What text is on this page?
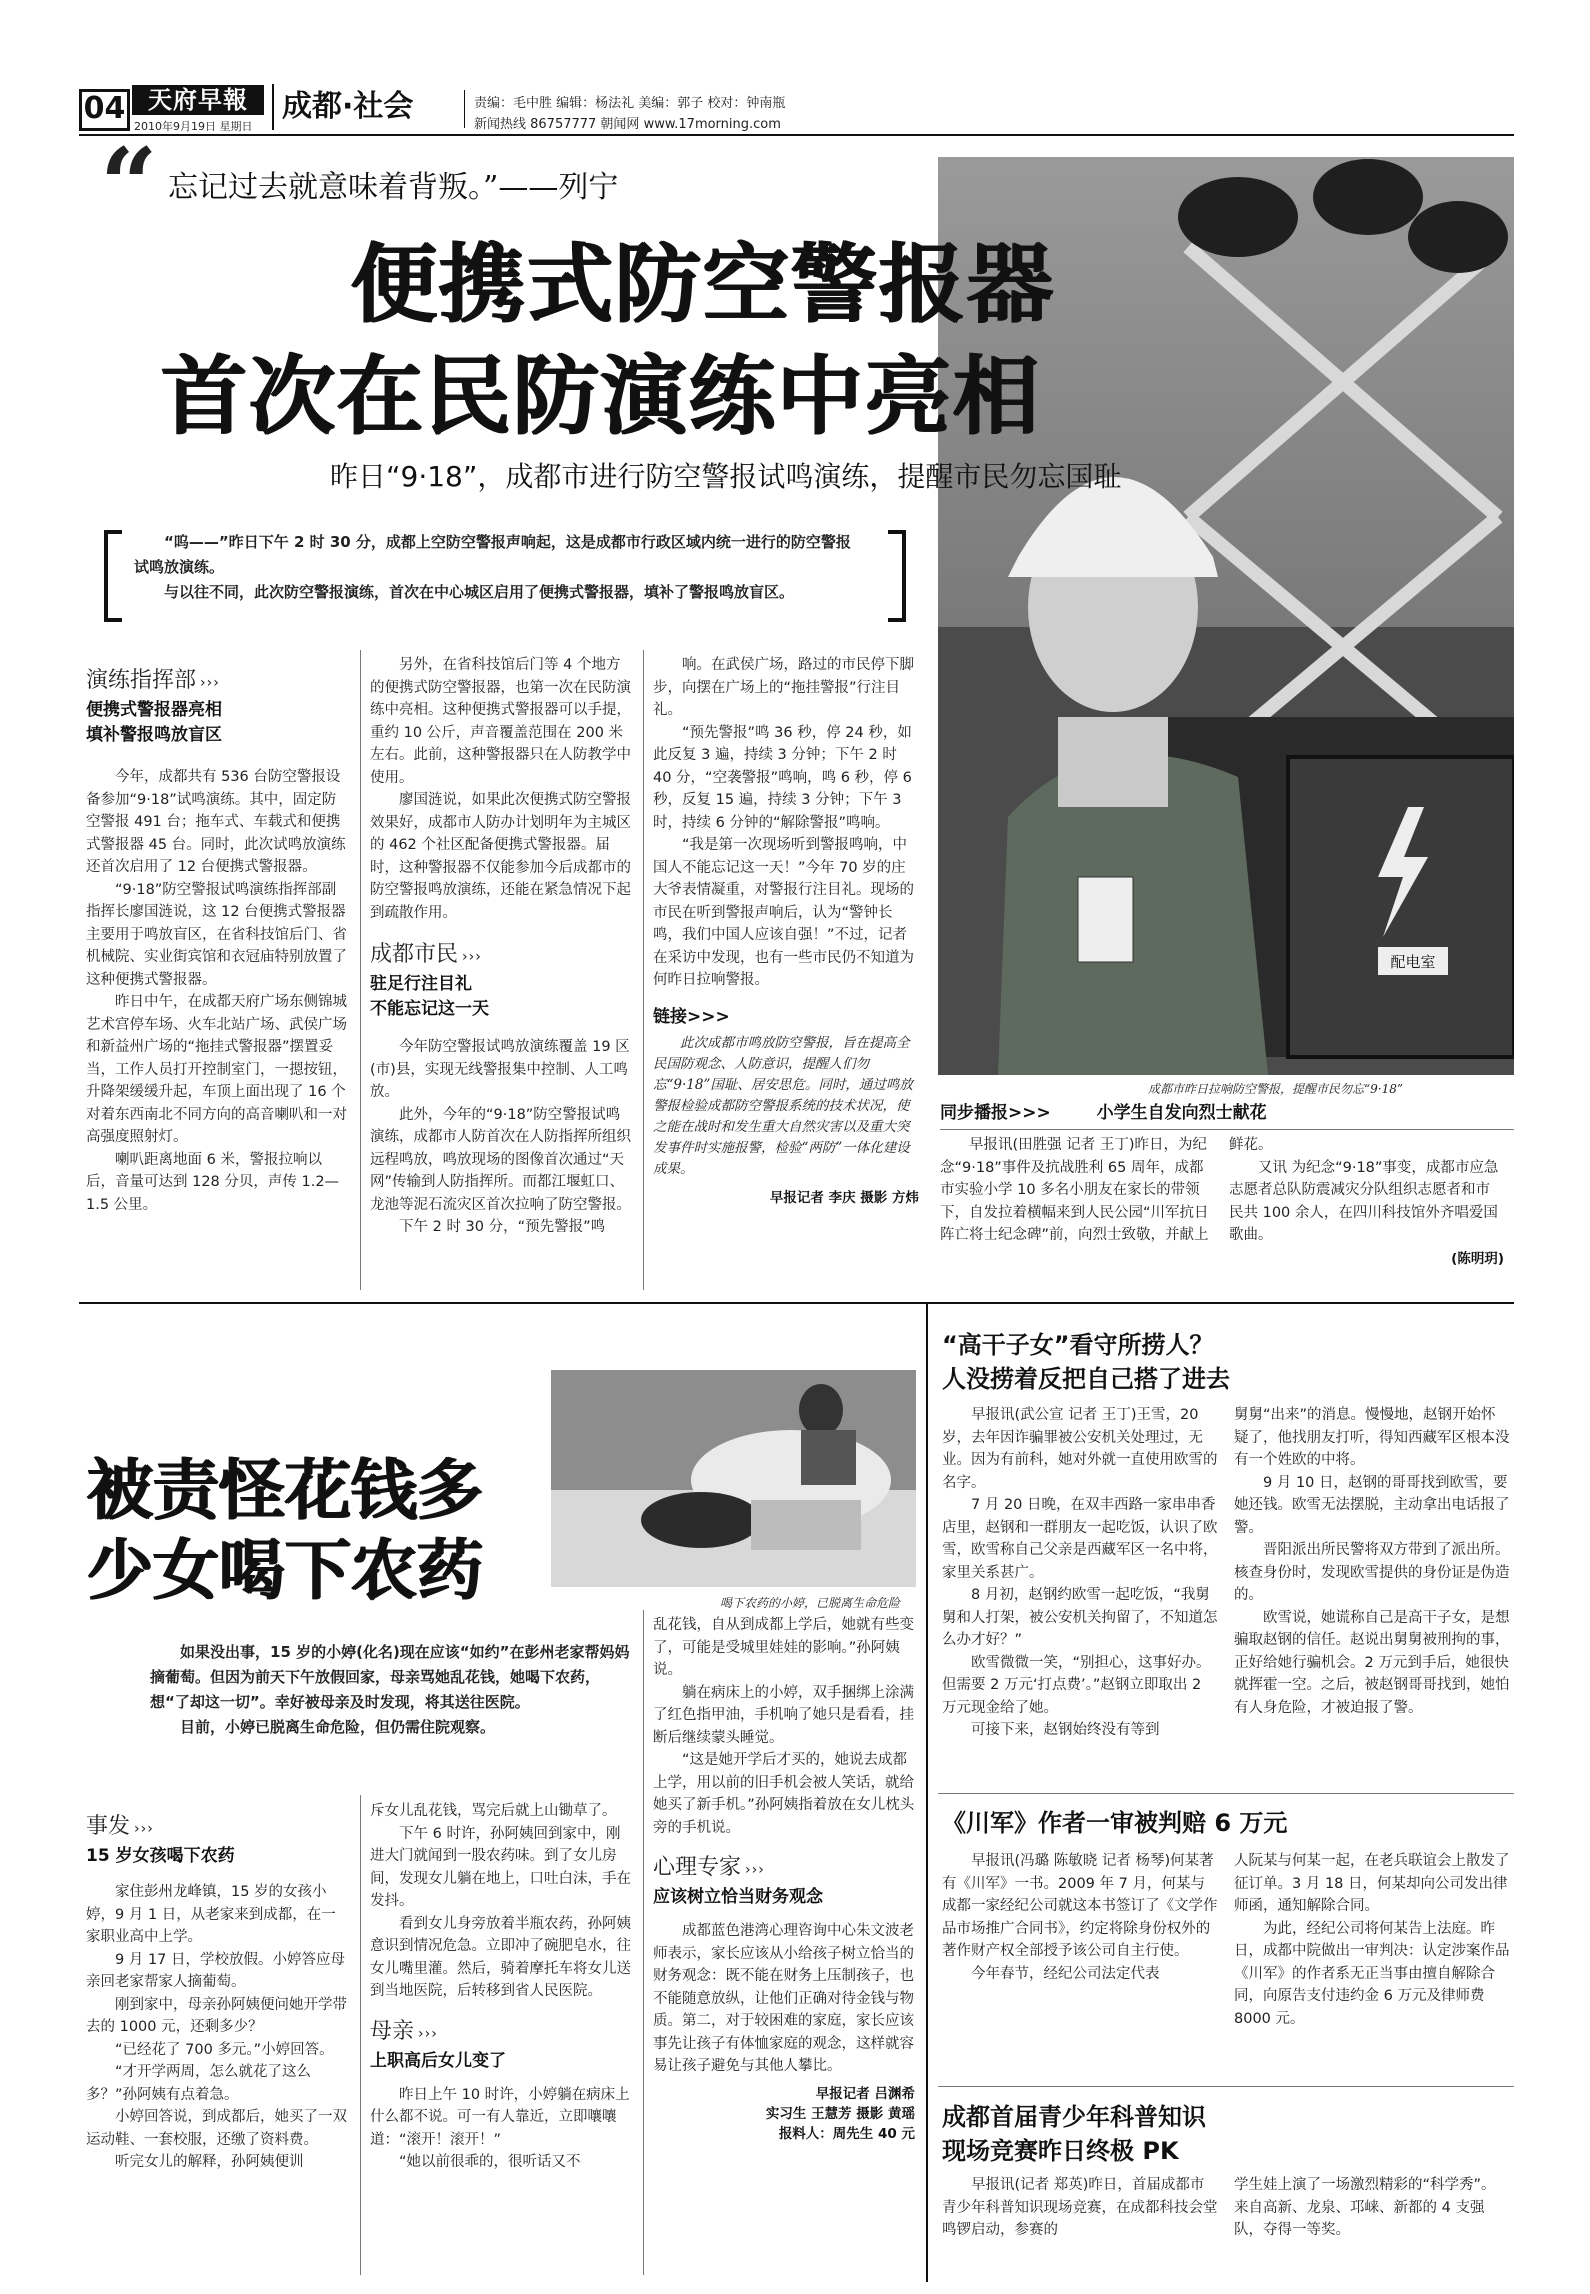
04 天府早報
2010年9月19日 星期日
成都·社会	责编：毛中胜 编辑：杨法礼 美编：郭子 校对：钟南瓶
新闻热线 86757777 朝闻网 www.17morning.com
“ 忘记过去就意味着背叛。”——列宁
配电室
成都市昨日拉响防空警报，提醒市民勿忘“9·18”
便携式防空警报器
首次在民防演练中亮相
昨日“9·18”，成都市进行防空警报试鸣演练，提醒市民勿忘国耻

“呜——”昨日下午 2 时 30 分，成都上空防空警报声响起，这是成都市行政区域内统一进行的防空警报试鸣放演练。

与以往不同，此次防空警报演练，首次在中心城区启用了便携式警报器，填补了警报鸣放盲区。

演练指挥部 ›››
便携式警报器亮相
填补警报鸣放盲区

今年，成都共有 536 台防空警报设备参加“9·18”试鸣演练。其中，固定防空警报 491 台；拖车式、车载式和便携式警报器 45 台。同时，此次试鸣放演练还首次启用了 12 台便携式警报器。

“9·18”防空警报试鸣演练指挥部副指挥长廖国涟说，这 12 台便携式警报器主要用于鸣放盲区，在省科技馆后门、省机械院、实业街宾馆和衣冠庙特别放置了这种便携式警报器。

昨日中午，在成都天府广场东侧锦城艺术宫停车场、火车北站广场、武侯广场和新益州广场的“拖挂式警报器”摆置妥当，工作人员打开控制室门，一摁按钮，升降架缓缓升起，车顶上面出现了 16 个对着东西南北不同方向的高音喇叭和一对高强度照射灯。

喇叭距离地面 6 米，警报拉响以后，音量可达到 128 分贝，声传 1.2—1.5 公里。

另外，在省科技馆后门等 4 个地方的便携式防空警报器，也第一次在民防演练中亮相。这种便携式警报器可以手提，重约 10 公斤，声音覆盖范围在 200 米左右。此前，这种警报器只在人防教学中使用。

廖国涟说，如果此次便携式防空警报效果好，成都市人防办计划明年为主城区的 462 个社区配备便携式警报器。届时，这种警报器不仅能参加今后成都市的防空警报鸣放演练，还能在紧急情况下起到疏散作用。

成都市民 ›››
驻足行注目礼
不能忘记这一天

今年防空警报试鸣放演练覆盖 19 区(市)县，实现无线警报集中控制、人工鸣放。

此外，今年的“9·18”防空警报试鸣演练，成都市人防首次在人防指挥所组织远程鸣放，鸣放现场的图像首次通过“天网”传输到人防指挥所。而都江堰虹口、龙池等泥石流灾区首次拉响了防空警报。

下午 2 时 30 分，“预先警报”鸣

响。在武侯广场，路过的市民停下脚步，向摆在广场上的“拖挂警报”行注目礼。

“预先警报”鸣 36 秒，停 24 秒，如此反复 3 遍，持续 3 分钟；下午 2 时 40 分，“空袭警报”鸣响，鸣 6 秒，停 6 秒，反复 15 遍，持续 3 分钟；下午 3 时，持续 6 分钟的“解除警报”鸣响。

“我是第一次现场听到警报鸣响，中国人不能忘记这一天！”今年 70 岁的庄大爷表情凝重，对警报行注目礼。现场的市民在听到警报声响后，认为“警钟长鸣，我们中国人应该自强！”不过，记者在采访中发现，也有一些市民仍不知道为何昨日拉响警报。

链接>>>

此次成都市鸣放防空警报，旨在提高全民国防观念、人防意识，提醒人们勿忘“9·18”国耻、居安思危。同时，通过鸣放警报检验成都防空警报系统的技术状况，使之能在战时和发生重大自然灾害以及重大突发事件时实施报警，检验“两防”一体化建设成果。

早报记者 李庆 摄影 方炜
同步播报>>>	小学生自发向烈士献花

早报讯(田胜强 记者 王丁)昨日，为纪念“9·18”事件及抗战胜利 65 周年，成都市实验小学 10 多名小朋友在家长的带领下，自发拉着横幅来到人民公园“川军抗日阵亡将士纪念碑”前，向烈士致敬，并献上

鲜花。

又讯 为纪念“9·18”事变，成都市应急志愿者总队防震减灾分队组织志愿者和市民共 100 余人，在四川科技馆外齐唱爱国歌曲。

(陈明玥)
喝下农药的小婷，已脱离生命危险
被责怪花钱多
少女喝下农药

如果没出事，15 岁的小婷(化名)现在应该“如约”在彭州老家帮妈妈摘葡萄。但因为前天下午放假回家，母亲骂她乱花钱，她喝下农药，想“了却这一切”。幸好被母亲及时发现，将其送往医院。

目前，小婷已脱离生命危险，但仍需住院观察。

事发 ›››
15 岁女孩喝下农药

家住彭州龙峰镇，15 岁的女孩小婷，9 月 1 日，从老家来到成都，在一家职业高中上学。

9 月 17 日，学校放假。小婷答应母亲回老家帮家人摘葡萄。

刚到家中，母亲孙阿姨便问她开学带去的 1000 元，还剩多少？

“已经花了 700 多元。”小婷回答。

“才开学两周，怎么就花了这么多？”孙阿姨有点着急。

小婷回答说，到成都后，她买了一双运动鞋、一套校服，还缴了资料费。

听完女儿的解释，孙阿姨便训

斥女儿乱花钱，骂完后就上山锄草了。

下午 6 时许，孙阿姨回到家中，刚进大门就闻到一股农药味。到了女儿房间，发现女儿躺在地上，口吐白沫，手在发抖。

看到女儿身旁放着半瓶农药，孙阿姨意识到情况危急。立即冲了碗肥皂水，往女儿嘴里灌。然后，骑着摩托车将女儿送到当地医院，后转移到省人民医院。

母亲 ›››
上职高后女儿变了

昨日上午 10 时许，小婷躺在病床上什么都不说。可一有人靠近，立即嚷嚷道：“滚开！滚开！”

“她以前很乖的，很听话又不

乱花钱，自从到成都上学后，她就有些变了，可能是受城里娃娃的影响。”孙阿姨说。

躺在病床上的小婷，双手捆绑上涂满了红色指甲油，手机响了她只是看看，挂断后继续蒙头睡觉。

“这是她开学后才买的，她说去成都上学，用以前的旧手机会被人笑话，就给她买了新手机。”孙阿姨指着放在女儿枕头旁的手机说。

心理专家 ›››
应该树立恰当财务观念

成都蓝色港湾心理咨询中心朱文波老师表示，家长应该从小给孩子树立恰当的财务观念：既不能在财务上压制孩子，也不能随意放纵，让他们正确对待金钱与物质。第二，对于较困难的家庭，家长应该事先让孩子有体恤家庭的观念，这样就容易让孩子避免与其他人攀比。

早报记者 吕渊希
实习生 王慧芳 摄影 黄瑶
报料人：周先生 40 元
“高干子女”看守所捞人？
人没捞着反把自己搭了进去

早报讯(武公宣 记者 王丁)王雪，20 岁，去年因诈骗罪被公安机关处理过，无业。因为有前科，她对外就一直使用欧雪的名字。

7 月 20 日晚，在双丰西路一家串串香店里，赵钢和一群朋友一起吃饭，认识了欧雪，欧雪称自己父亲是西藏军区一名中将，家里关系甚广。

8 月初，赵钢约欧雪一起吃饭，“我舅舅和人打架，被公安机关拘留了，不知道怎么办才好？”

欧雪微微一笑，“别担心，这事好办。但需要 2 万元‘打点费’。”赵钢立即取出 2 万元现金给了她。

可接下来，赵钢始终没有等到

舅舅“出来”的消息。慢慢地，赵钢开始怀疑了，他找朋友打听，得知西藏军区根本没有一个姓欧的中将。

9 月 10 日，赵钢的哥哥找到欧雪，要她还钱。欧雪无法摆脱，主动拿出电话报了警。

晋阳派出所民警将双方带到了派出所。核查身份时，发现欧雪提供的身份证是伪造的。

欧雪说，她谎称自己是高干子女，是想骗取赵钢的信任。赵说出舅舅被刑拘的事，正好给她行骗机会。2 万元到手后，她很快就挥霍一空。之后，被赵钢哥哥找到，她怕有人身危险，才被迫报了警。

《川军》作者一审被判赔 6 万元

早报讯(冯璐 陈敏晓 记者 杨琴)何某著有《川军》一书。2009 年 7 月，何某与成都一家经纪公司就这本书签订了《文学作品市场推广合同书》，约定将除身份权外的著作财产权全部授予该公司自主行使。

今年春节，经纪公司法定代表

人阮某与何某一起，在老兵联谊会上散发了征订单。3 月 18 日，何某却向公司发出律师函，通知解除合同。

为此，经纪公司将何某告上法庭。昨日，成都中院做出一审判决：认定涉案作品《川军》的作者系无正当事由擅自解除合同，向原告支付违约金 6 万元及律师费 8000 元。

成都首届青少年科普知识
现场竞赛昨日终极 PK

早报讯(记者 郑英)昨日，首届成都市青少年科普知识现场竞赛，在成都科技会堂鸣锣启动，参赛的

学生娃上演了一场激烈精彩的“科学秀”。来自高新、龙泉、邛崃、新都的 4 支强队，夺得一等奖。
